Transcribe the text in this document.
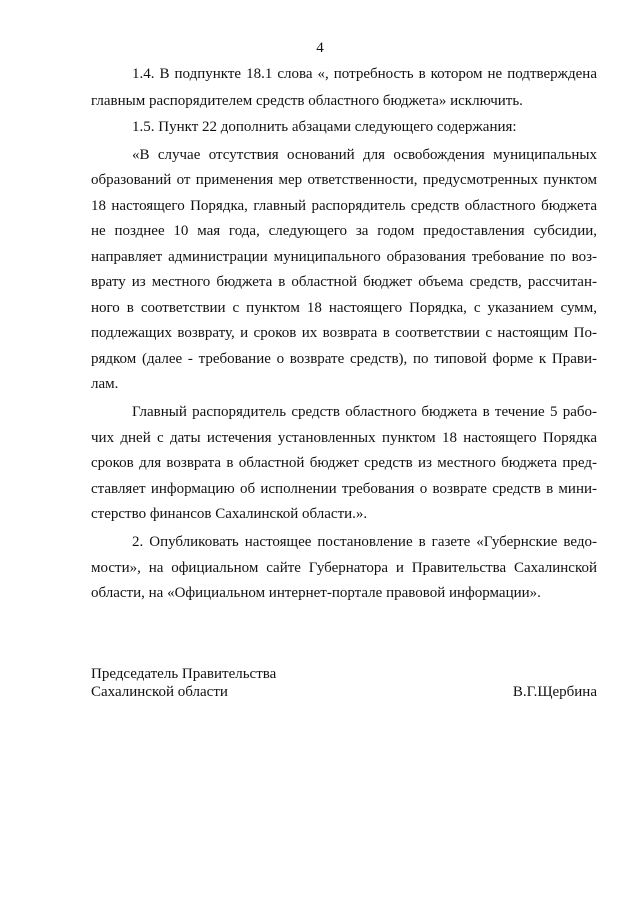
4
1.4. В подпункте 18.1 слова «, потребность в котором не подтверждена
главным распорядителем средств областного бюджета» исключить.
1.5. Пункт 22 дополнить абзацами следующего содержания:
«В случае отсутствия оснований для освобождения муниципальных
образований от применения мер ответственности, предусмотренных пунктом
18 настоящего Порядка, главный распорядитель средств областного бюджета
не позднее 10 мая года, следующего за годом предоставления субсидии,
направляет администрации муниципального образования требование по воз-
врату из местного бюджета в областной бюджет объема средств, рассчитан-
ного в соответствии с пунктом 18 настоящего Порядка, с указанием сумм,
подлежащих возврату, и сроков их возврата в соответствии с настоящим По-
рядком (далее - требование о возврате средств), по типовой форме к Прави-
лам.
Главный распорядитель средств областного бюджета в течение 5 рабо-
чих дней с даты истечения установленных пунктом 18 настоящего Порядка
сроков для возврата в областной бюджет средств из местного бюджета пред-
ставляет информацию об исполнении требования о возврате средств в мини-
стерство финансов Сахалинской области.».
2. Опубликовать настоящее постановление в газете «Губернские ведо-
мости», на официальном сайте Губернатора и Правительства Сахалинской
области, на «Официальном интернет-портале правовой информации».
Председатель Правительства
Сахалинской области	В.Г.Щербина
